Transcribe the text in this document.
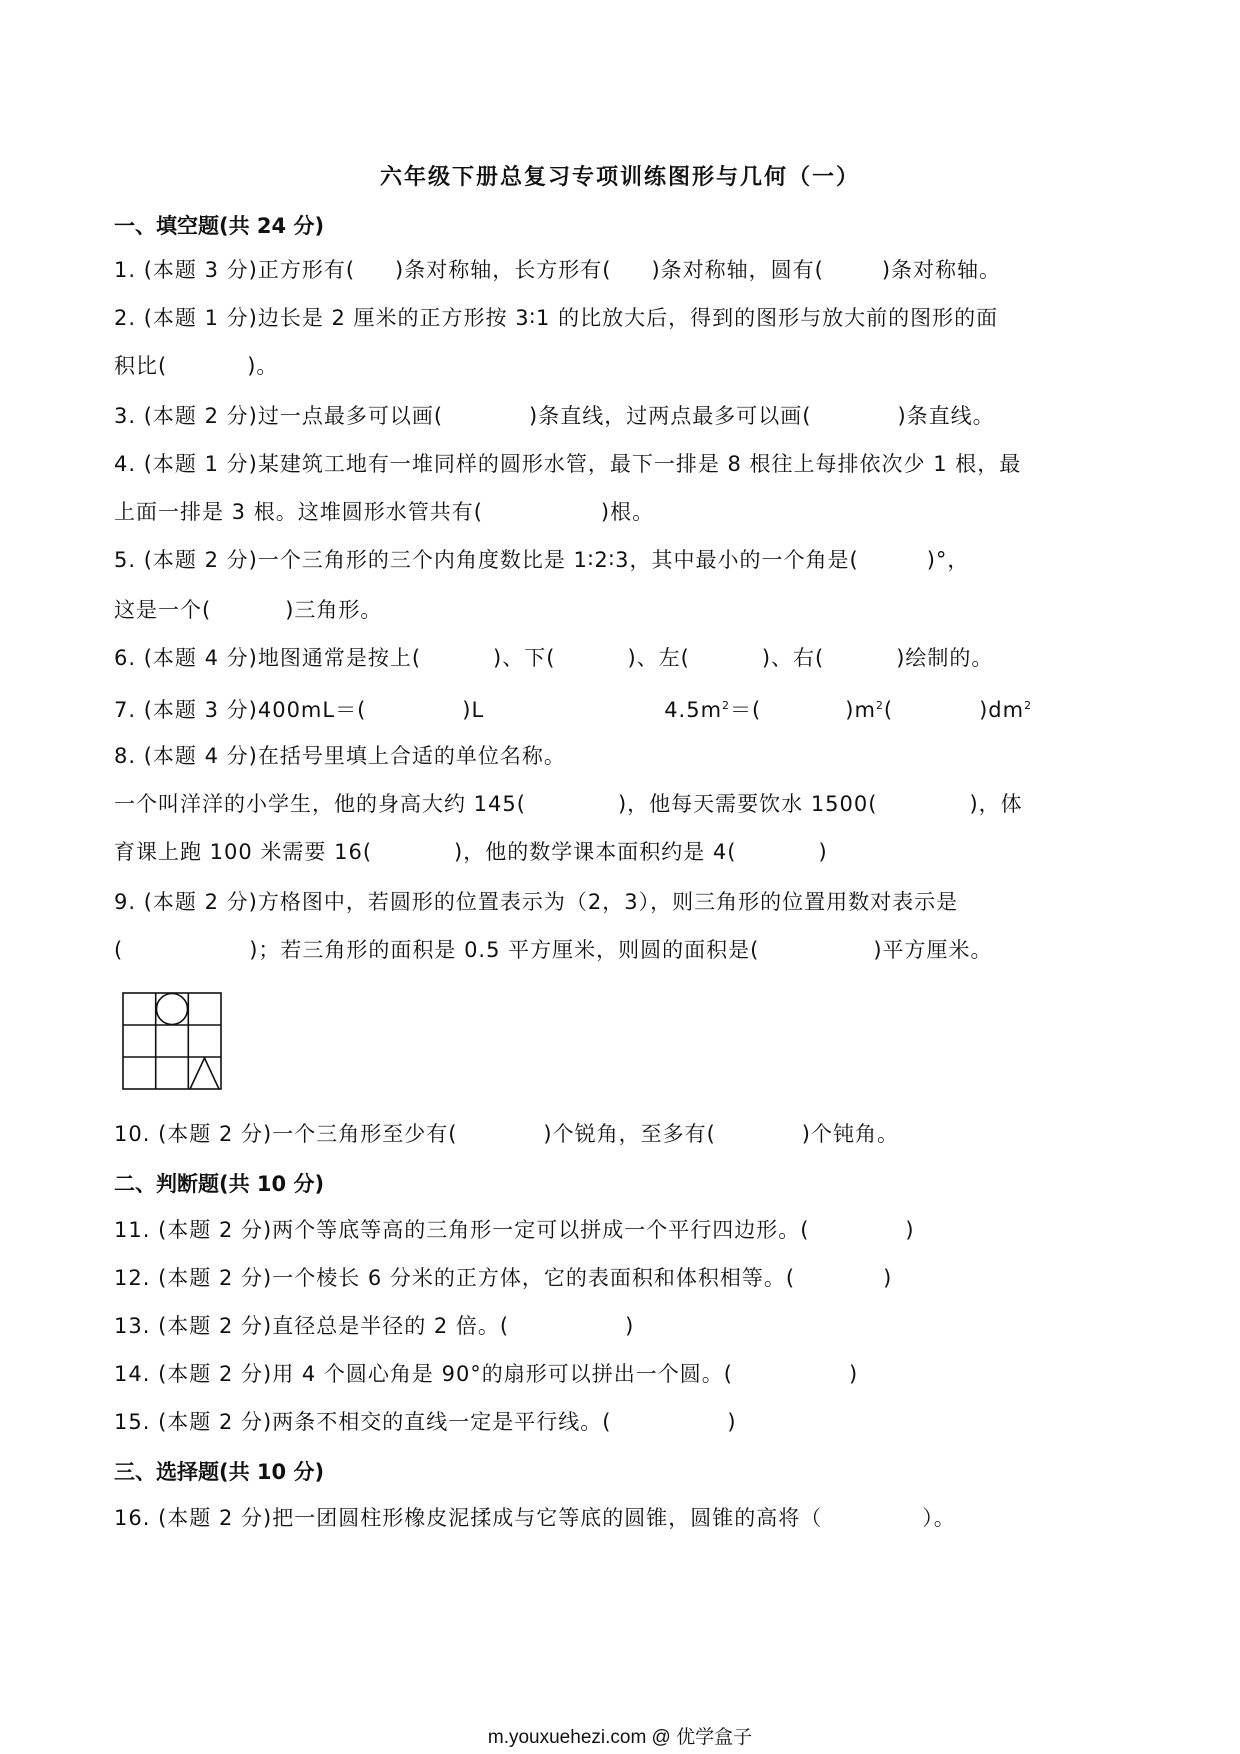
六年级下册总复习专项训练图形与几何（一）
一、填空题(共 24 分)
1. (本题 3 分)正方形有( )条对称轴，长方形有( )条对称轴，圆有(	)条对称轴。
2. (本题 1 分)边长是 2 厘米的正方形按 3∶1 的比放大后，得到的图形与放大前的图形的面
积比(	)。
3. (本题 2 分)过一点最多可以画(	)条直线，过两点最多可以画(	)条直线。
4. (本题 1 分)某建筑工地有一堆同样的圆形水管，最下一排是 8 根往上每排依次少 1 根，最
上面一排是 3 根。这堆圆形水管共有(	)根。
5. (本题 2 分)一个三角形的三个内角度数比是 1∶2∶3，其中最小的一个角是(	)°，
这是一个(	)三角形。
6. (本题 4 分)地图通常是按上(	)、下(	)、左(	)、右(	)绘制的。
7. (本题 3 分)400mL＝(	)L	$4.5m^2=$(	)$m^2$(	)$dm^2$
8. (本题 4 分)在括号里填上合适的单位名称。
一个叫洋洋的小学生，他的身高大约 145(	)，他每天需要饮水 1500(	)，体
育课上跑 100 米需要 16(	)，他的数学课本面积约是 4(	)
9. (本题 2 分)方格图中，若圆形的位置表示为（2，3），则三角形的位置用数对表示是
(	)；若三角形的面积是 0.5 平方厘米，则圆的面积是(	)平方厘米。
10. (本题 2 分)一个三角形至少有(	)个锐角，至多有(	)个钝角。
二、判断题(共 10 分)
11. (本题 2 分)两个等底等高的三角形一定可以拼成一个平行四边形。(	)
12. (本题 2 分)一个棱长 6 分米的正方体，它的表面积和体积相等。(	)
13. (本题 2 分)直径总是半径的 2 倍。(	)
14. (本题 2 分)用 4 个圆心角是 90°的扇形可以拼出一个圆。(	)
15. (本题 2 分)两条不相交的直线一定是平行线。(	)
三、选择题(共 10 分)
16. (本题 2 分)把一团圆柱形橡皮泥揉成与它等底的圆锥，圆锥的高将（	）。
m.youxuehezi.com @ 优学盒子
